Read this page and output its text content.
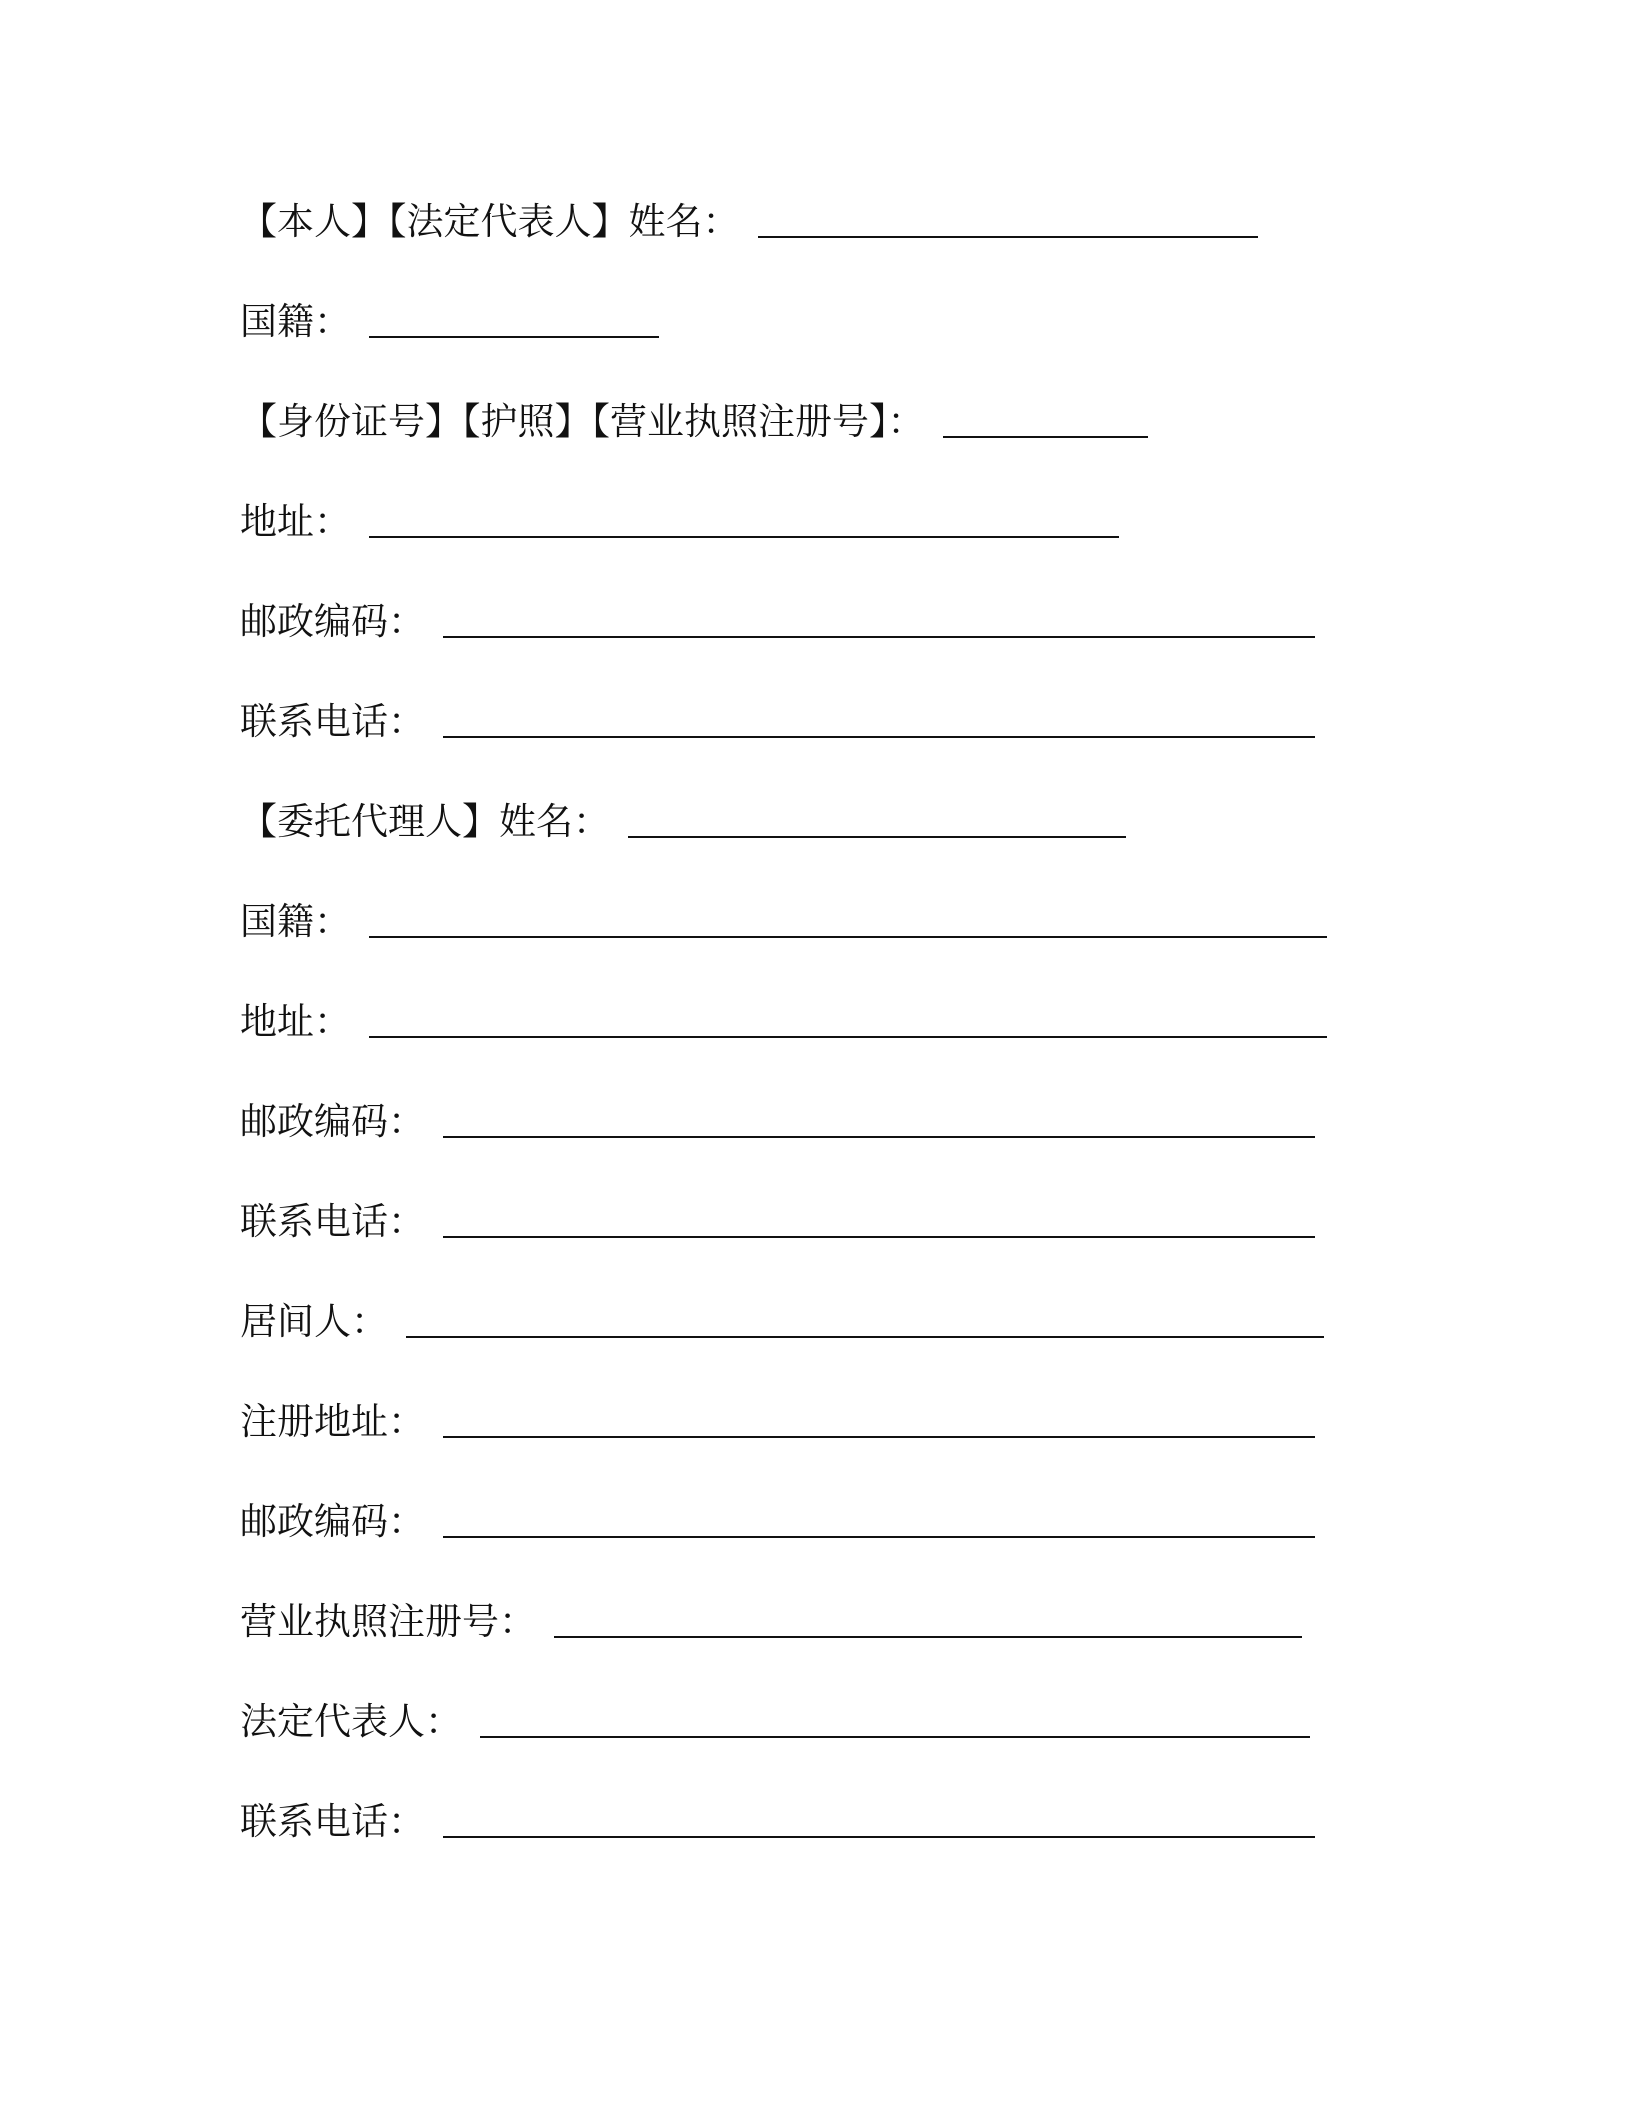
【本人】【法定代表人】姓名：
国籍：
【身份证号】【护照】【营业执照注册号】：
地址：
邮政编码：
联系电话：
【委托代理人】姓名：
国籍：
地址：
邮政编码：
联系电话：
居间人：
注册地址：
邮政编码：
营业执照注册号：
法定代表人：
联系电话：
